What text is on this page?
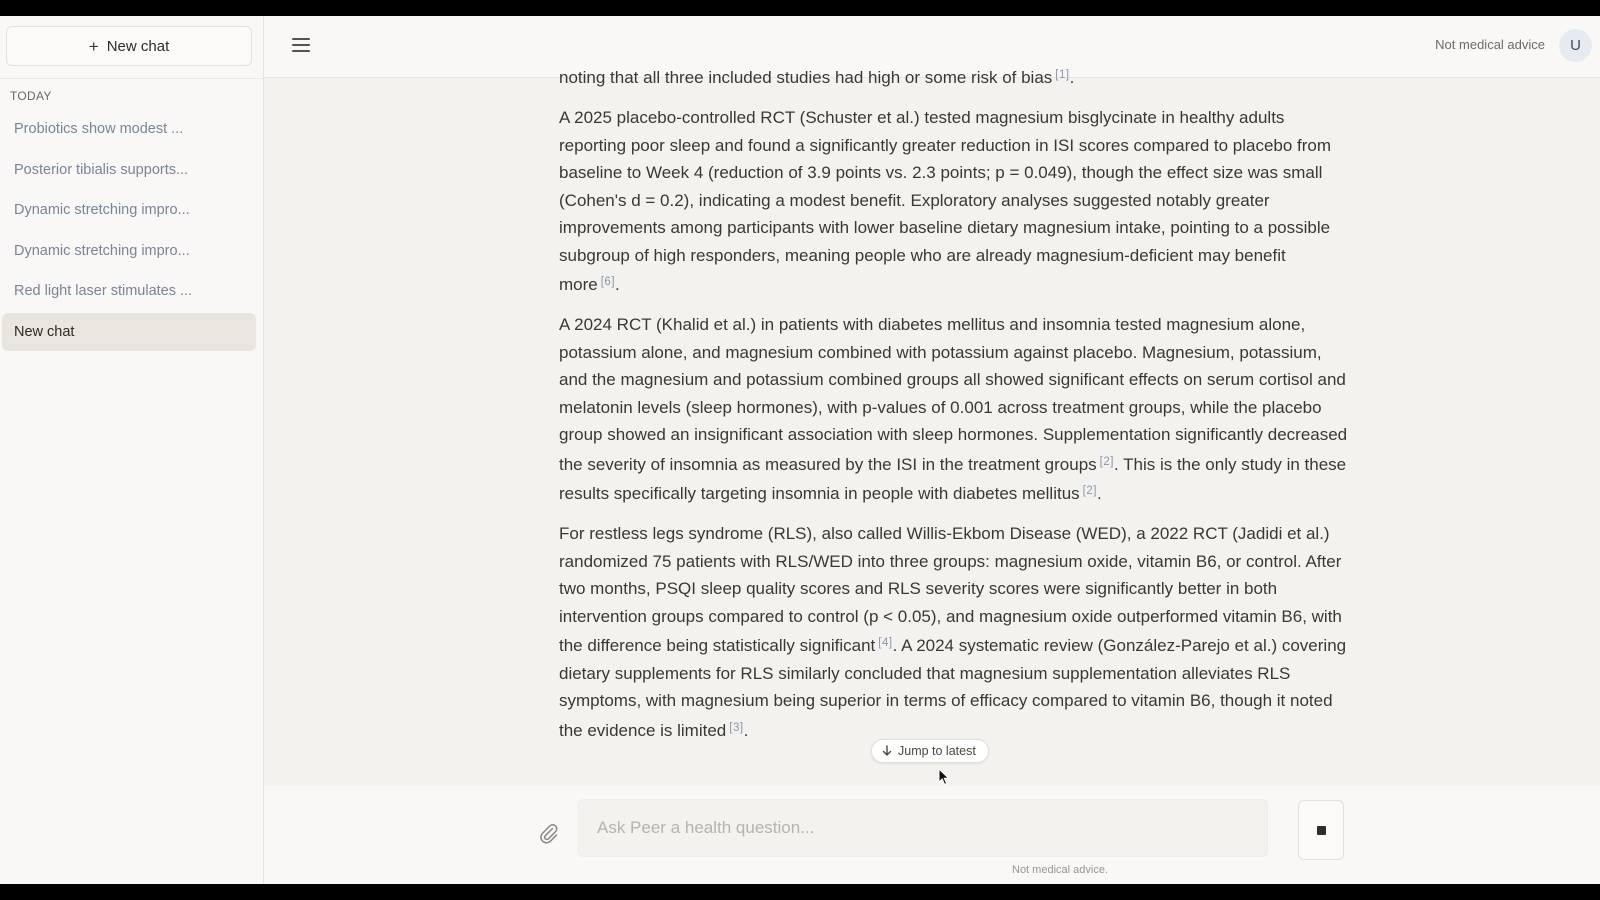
+ New chat
TODAY
Probiotics show modest ...
Posterior tibialis supports...
Dynamic stretching impro...
Dynamic stretching impro...
Red light laser stimulates ...
New chat
Not medical advice	U

noting that all three included studies had high or some risk of bias [1].

A 2025 placebo-controlled RCT (Schuster et al.) tested magnesium bisglycinate in healthy adults reporting poor sleep and found a significantly greater reduction in ISI scores compared to placebo from baseline to Week 4 (reduction of 3.9 points vs. 2.3 points; p = 0.049), though the effect size was small (Cohen's d = 0.2), indicating a modest benefit. Exploratory analyses suggested notably greater improvements among participants with lower baseline dietary magnesium intake, pointing to a possible subgroup of high responders, meaning people who are already magnesium-deficient may benefit more [6].

A 2024 RCT (Khalid et al.) in patients with diabetes mellitus and insomnia tested magnesium alone, potassium alone, and magnesium combined with potassium against placebo. Magnesium, potassium, and the magnesium and potassium combined groups all showed significant effects on serum cortisol and melatonin levels (sleep hormones), with p-values of 0.001 across treatment groups, while the placebo group showed an insignificant association with sleep hormones. Supplementation significantly decreased the severity of insomnia as measured by the ISI in the treatment groups [2]. This is the only study in these results specifically targeting insomnia in people with diabetes mellitus [2].

For restless legs syndrome (RLS), also called Willis-Ekbom Disease (WED), a 2022 RCT (Jadidi et al.) randomized 75 patients with RLS/WED into three groups: magnesium oxide, vitamin B6, or control. After two months, PSQI sleep quality scores and RLS severity scores were significantly better in both intervention groups compared to control (p < 0.05), and magnesium oxide outperformed vitamin B6, with the difference being statistically significant [4]. A 2024 systematic review (González-Parejo et al.) covering dietary supplements for RLS similarly concluded that magnesium supplementation alleviates RLS symptoms, with magnesium being superior in terms of efficacy compared to vitamin B6, though it noted the evidence is limited [3].

Jump to latest
Ask Peer a health question...
Not medical advice.
